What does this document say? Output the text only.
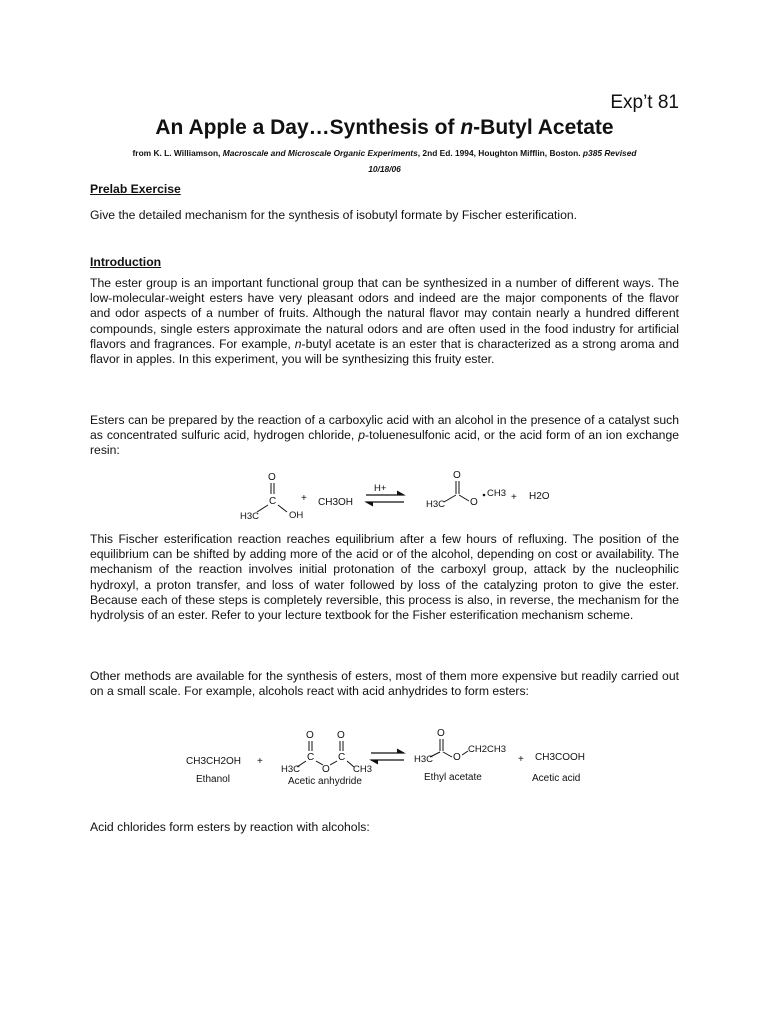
Exp’t 81
An Apple a Day…Synthesis of n-Butyl Acetate
from K. L. Williamson, Macroscale and Microscale Organic Experiments, 2nd Ed. 1994, Houghton Mifflin, Boston. p385 Revised
10/18/06
Prelab Exercise
Give the detailed mechanism for the synthesis of isobutyl formate by Fischer esterification.
Introduction
The ester group is an important functional group that can be synthesized in a number of different ways. The low-molecular-weight esters have very pleasant odors and indeed are the major components of the flavor and odor aspects of a number of fruits. Although the natural flavor may contain nearly a hundred different compounds, single esters approximate the natural odors and are often used in the food industry for artificial flavors and fragrances. For example, n-butyl acetate is an ester that is characterized as a strong aroma and flavor in apples. In this experiment, you will be synthesizing this fruity ester.
Esters can be prepared by the reaction of a carboxylic acid with an alcohol in the presence of a catalyst such as concentrated sulfuric acid, hydrogen chloride, p-toluenesulfonic acid, or the acid form of an ion exchange resin:
This Fischer esterification reaction reaches equilibrium after a few hours of refluxing. The position of the equilibrium can be shifted by adding more of the acid or of the alcohol, depending on cost or availability. The mechanism of the reaction involves initial protonation of the carboxyl group, attack by the nucleophilic hydroxyl, a proton transfer, and loss of water followed by loss of the catalyzing proton to give the ester. Because each of these steps is completely reversible, this process is also, in reverse, the mechanism for the hydrolysis of an ester. Refer to your lecture textbook for the Fisher esterification mechanism scheme.
Other methods are available for the synthesis of esters, most of them more expensive but readily carried out on a small scale. For example, alcohols react with acid anhydrides to form esters:
Acid chlorides form esters by reaction with alcohols:
O
C
H3C	OH
+ CH3OH
H+
O
H3C O
CH3 + H2O
CH3CH2OH
Ethanol
+
O O
C C
H3C O CH3
Acetic anhydride
O
H3C O
CH2CH3
Ethyl acetate
+ CH3COOH
Acetic acid
